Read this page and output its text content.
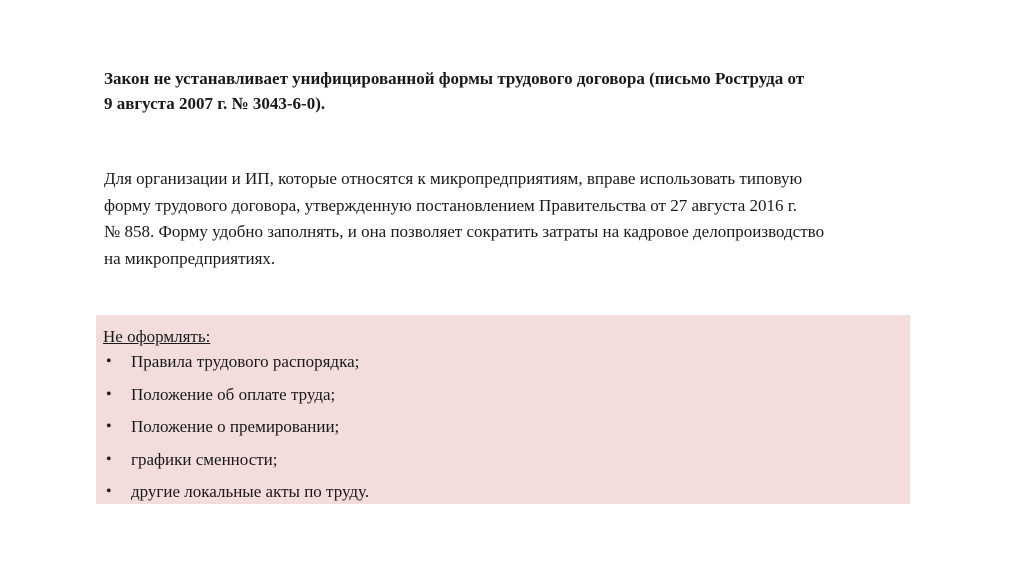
Закон не устанавливает унифицированной формы трудового договора (письмо Роструда от
9 августа 2007 г. № 3043-6-0).

Для организации и ИП, которые относятся к микропредприятиям, вправе использовать типовую
форму трудового договора, утвержденную постановлением Правительства от 27 августа 2016 г.
№ 858. Форму удобно заполнять, и она позволяет сократить затраты на кадровое делопроизводство
на микропредприятиях.

Не оформлять:

• Правила трудового распорядка;
• Положение об оплате труда;
• Положение о премировании;
• графики сменности;
• другие локальные акты по труду.
